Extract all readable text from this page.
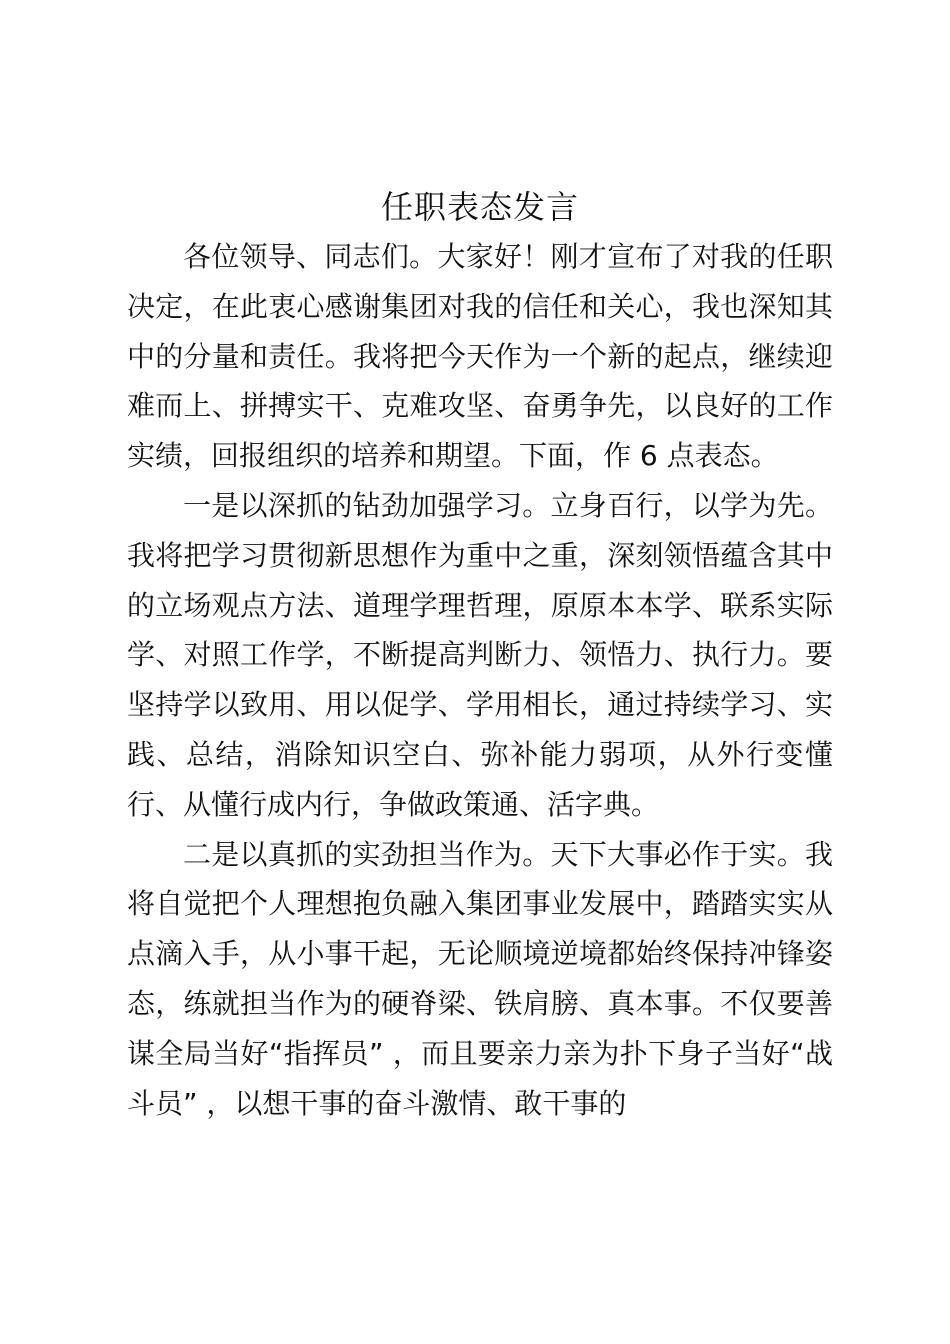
任职表态发言

各位领导、同志们。大家好！刚才宣布了对我的任职决定，在此衷心感谢集团对我的信任和关心，我也深知其中的分量和责任。我将把今天作为一个新的起点，继续迎难而上、拼搏实干、克难攻坚、奋勇争先，以良好的工作实绩，回报组织的培养和期望。下面，作 6 点表态。

一是以深抓的钻劲加强学习。立身百行，以学为先。我将把学习贯彻新思想作为重中之重，深刻领悟蕴含其中的立场观点方法、道理学理哲理，原原本本学、联系实际学、对照工作学，不断提高判断力、领悟力、执行力。要坚持学以致用、用以促学、学用相长，通过持续学习、实践、总结，消除知识空白、弥补能力弱项，从外行变懂行、从懂行成内行，争做政策通、活字典。

二是以真抓的实劲担当作为。天下大事必作于实。我将自觉把个人理想抱负融入集团事业发展中，踏踏实实从点滴入手，从小事干起，无论顺境逆境都始终保持冲锋姿态，练就担当作为的硬脊梁、铁肩膀、真本事。不仅要善谋全局当好“指挥员” ，而且要亲力亲为扑下身子当好“战斗员” ，以想干事的奋斗激情、敢干事的
